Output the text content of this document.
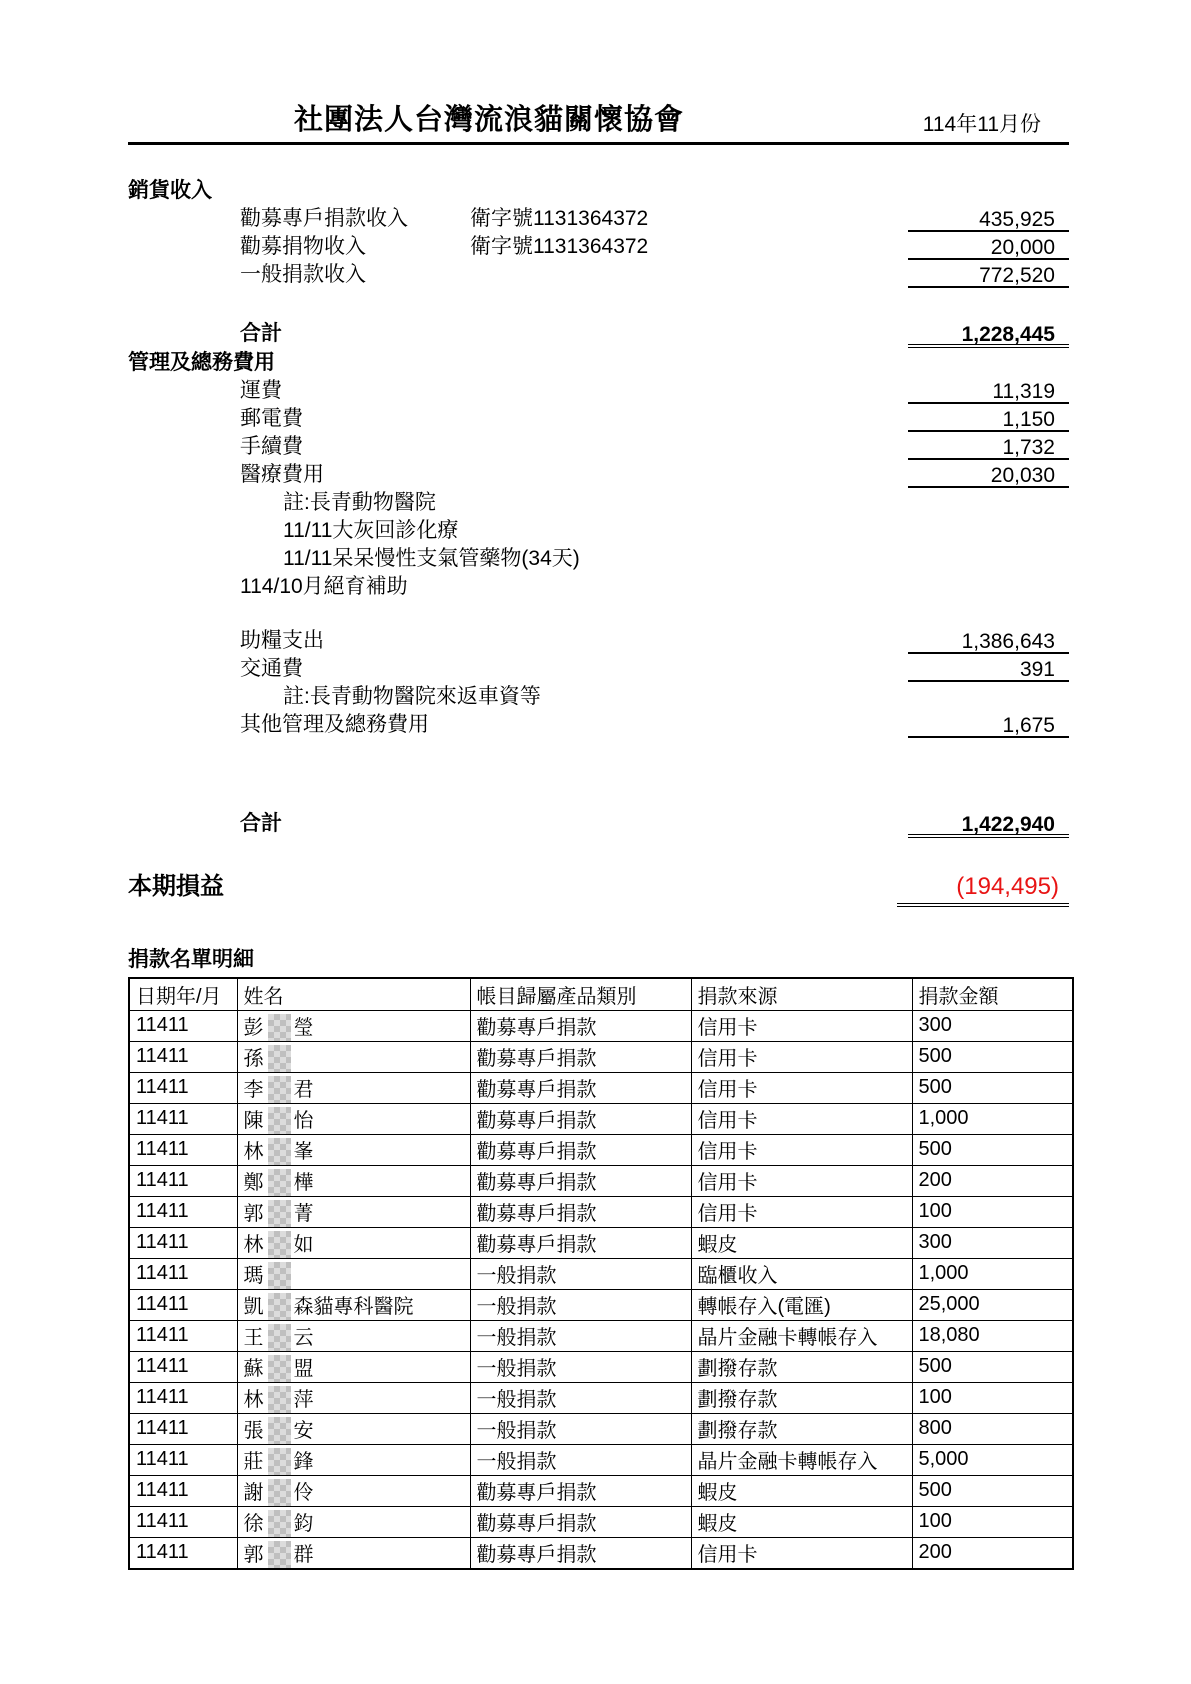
社團法人台灣流浪貓關懷協會	114年11月份
銷貨收入
勸募專戶捐款收入	衛字號1131364372	435,925
勸募捐物收入	衛字號1131364372	20,000
一般捐款收入	772,520
合計	1,228,445
管理及總務費用
運費	11,319
郵電費	1,150
手續費	1,732
醫療費用	20,030
註:長青動物醫院
11/11大灰回診化療
11/11呆呆慢性支氣管藥物(34天)
114/10月絕育補助
助糧支出	1,386,643
交通費	391
註:長青動物醫院來返車資等
其他管理及總務費用	1,675
合計	1,422,940
本期損益	(194,495)
捐款名單明細
日期年/月	姓名	帳目歸屬產品類別	捐款來源	捐款金額
11411	彭 瑩	勸募專戶捐款	信用卡	300
11411	孫	勸募專戶捐款	信用卡	500
11411	李 君	勸募專戶捐款	信用卡	500
11411	陳 怡	勸募專戶捐款	信用卡	1,000
11411	林 峯	勸募專戶捐款	信用卡	500
11411	鄭 樺	勸募專戶捐款	信用卡	200
11411	郭 菁	勸募專戶捐款	信用卡	100
11411	林 如	勸募專戶捐款	蝦皮	300
11411	瑪	一般捐款	臨櫃收入	1,000
11411	凱 森貓專科醫院	一般捐款	轉帳存入(電匯)	25,000
11411	王 云	一般捐款	晶片金融卡轉帳存入	18,080
11411	蘇 盟	一般捐款	劃撥存款	500
11411	林 萍	一般捐款	劃撥存款	100
11411	張 安	一般捐款	劃撥存款	800
11411	莊 鋒	一般捐款	晶片金融卡轉帳存入	5,000
11411	謝 伶	勸募專戶捐款	蝦皮	500
11411	徐 鈞	勸募專戶捐款	蝦皮	100
11411	郭 群	勸募專戶捐款	信用卡	200
